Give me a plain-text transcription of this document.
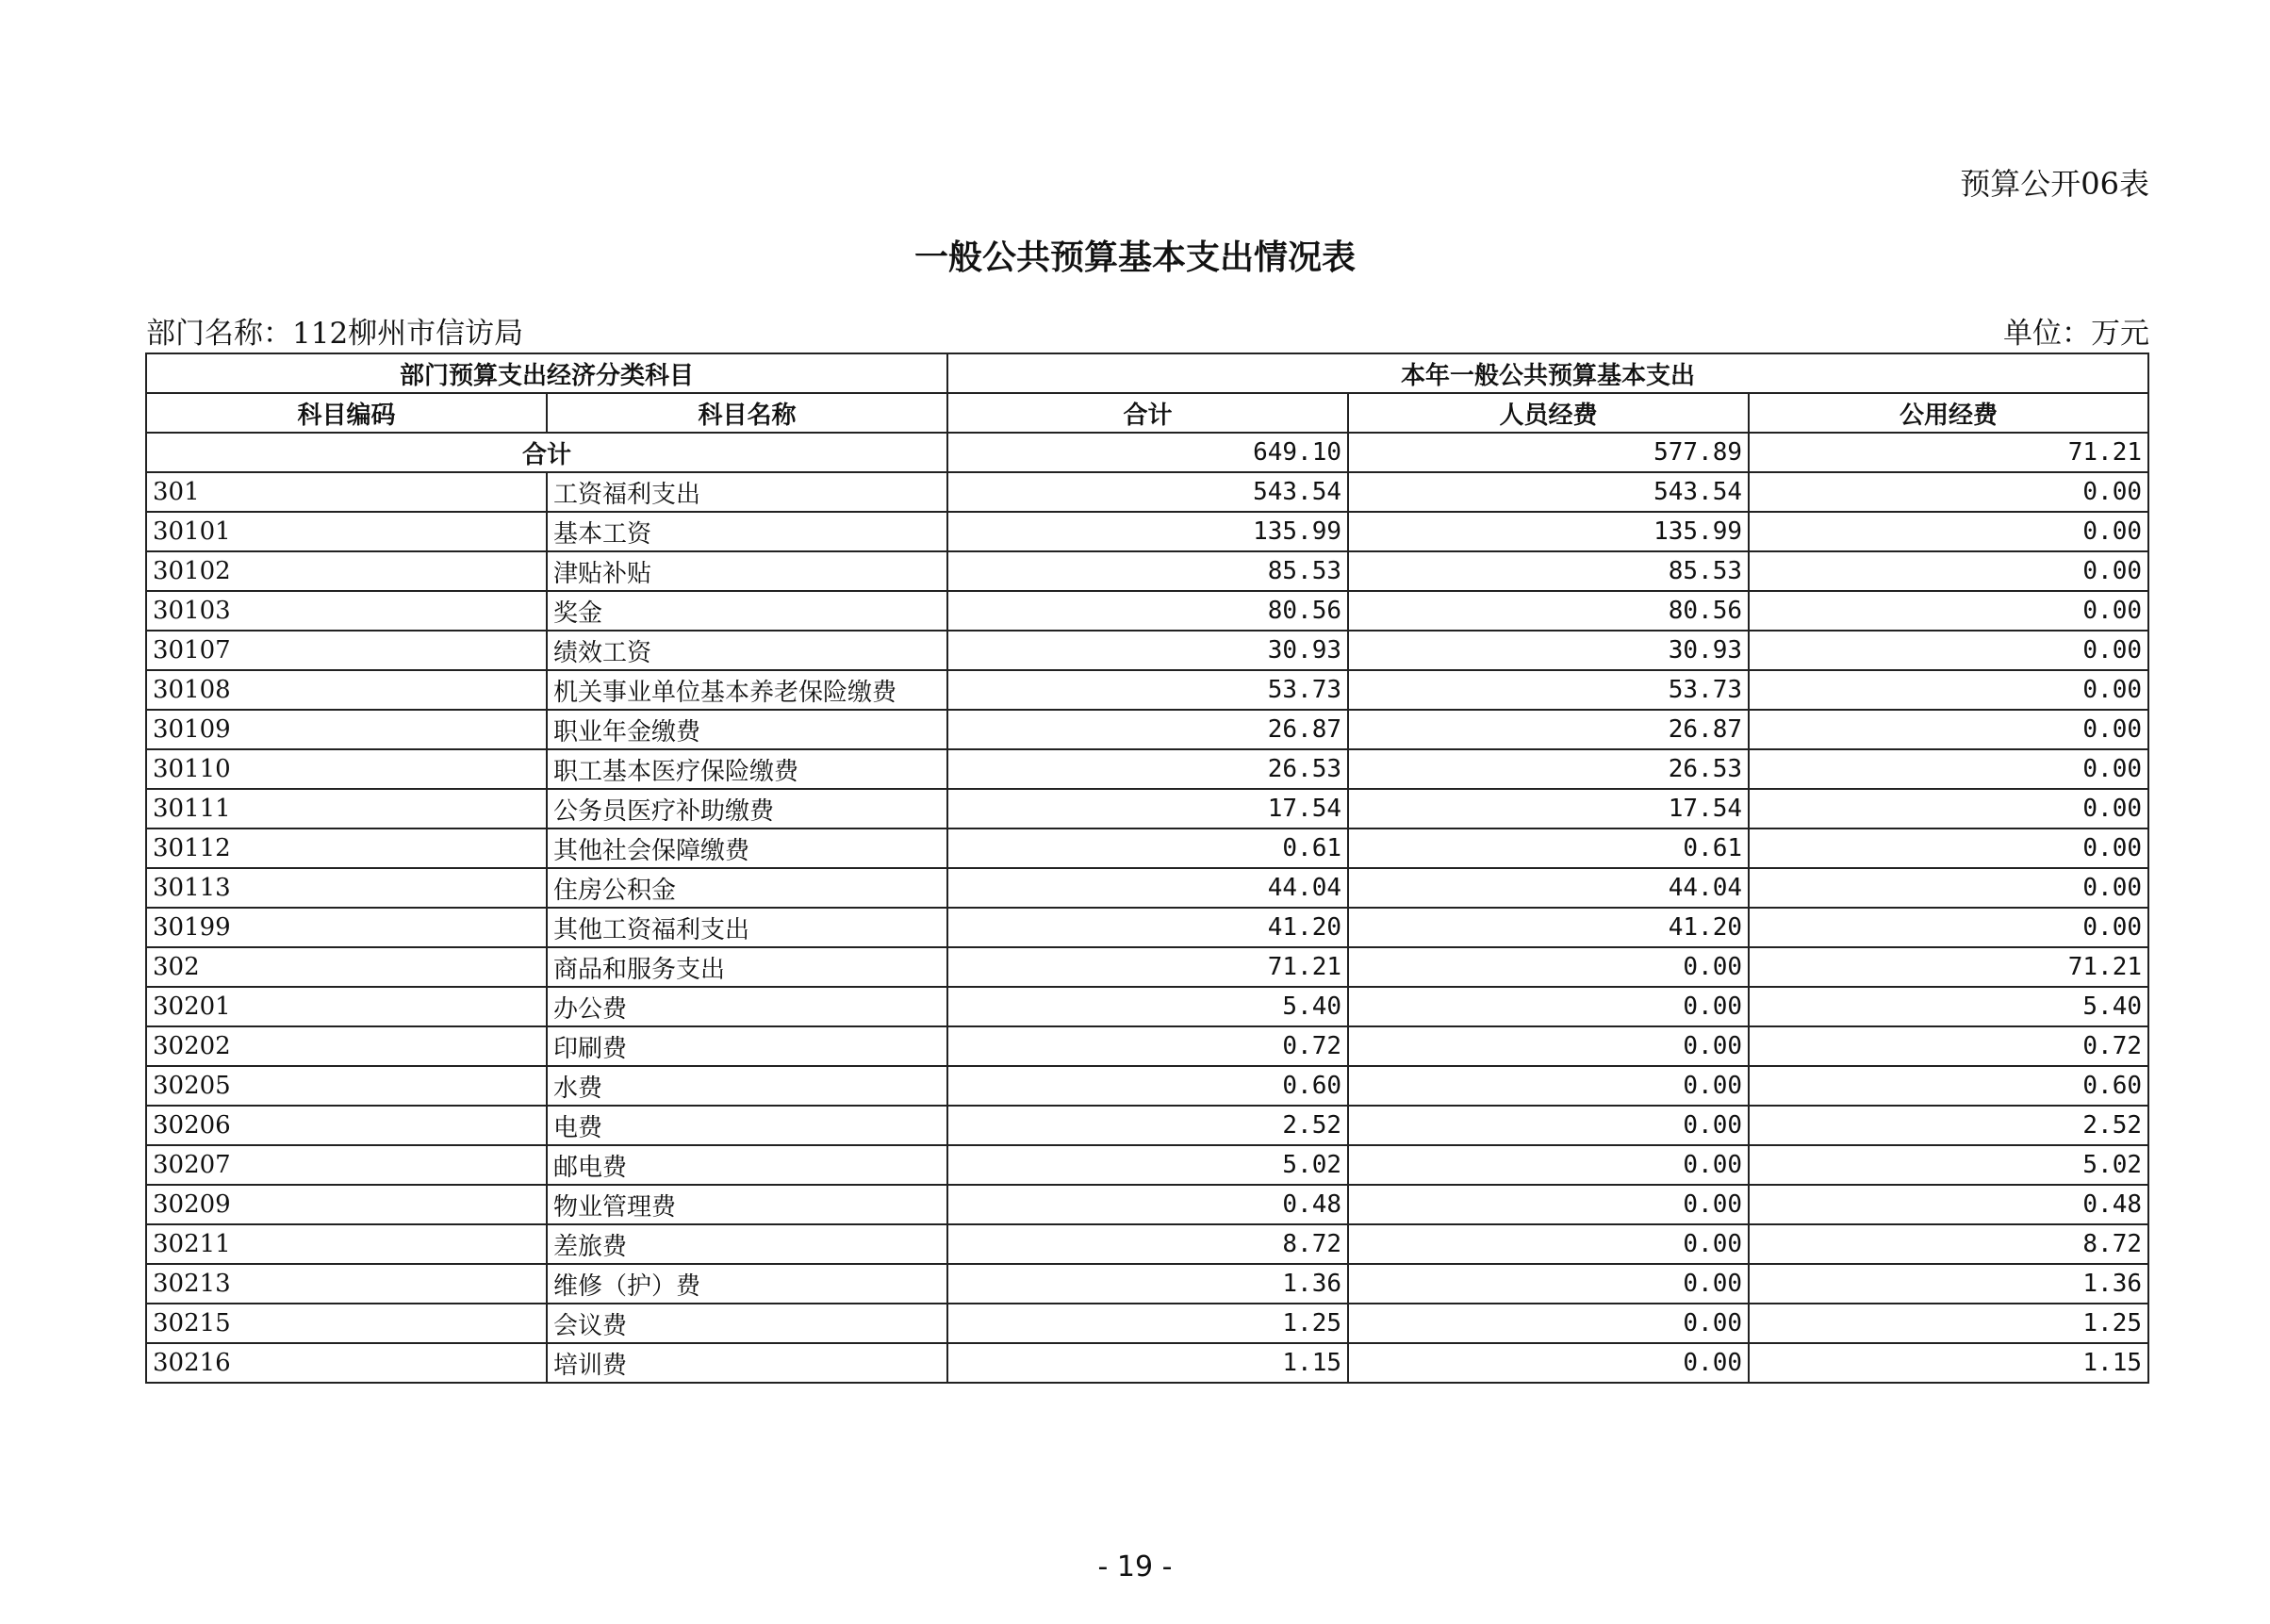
预算公开06表
一般公共预算基本支出情况表
部门名称：112柳州市信访局	单位：万元
部门预算支出经济分类科目		本年一般公共预算基本支出		
科目编码	科目名称	合计	人员经费	公用经费
合计		649.10	577.89	71.21
301	工资福利支出	543.54	543.54	0.00
30101	基本工资	135.99	135.99	0.00
30102	津贴补贴	85.53	85.53	0.00
30103	奖金	80.56	80.56	0.00
30107	绩效工资	30.93	30.93	0.00
30108	机关事业单位基本养老保险缴费	53.73	53.73	0.00
30109	职业年金缴费	26.87	26.87	0.00
30110	职工基本医疗保险缴费	26.53	26.53	0.00
30111	公务员医疗补助缴费	17.54	17.54	0.00
30112	其他社会保障缴费	0.61	0.61	0.00
30113	住房公积金	44.04	44.04	0.00
30199	其他工资福利支出	41.20	41.20	0.00
302	商品和服务支出	71.21	0.00	71.21
30201	办公费	5.40	0.00	5.40
30202	印刷费	0.72	0.00	0.72
30205	水费	0.60	0.00	0.60
30206	电费	2.52	0.00	2.52
30207	邮电费	5.02	0.00	5.02
30209	物业管理费	0.48	0.00	0.48
30211	差旅费	8.72	0.00	8.72
30213	维修（护）费	1.36	0.00	1.36
30215	会议费	1.25	0.00	1.25
30216	培训费	1.15	0.00	1.15
- 19 -
